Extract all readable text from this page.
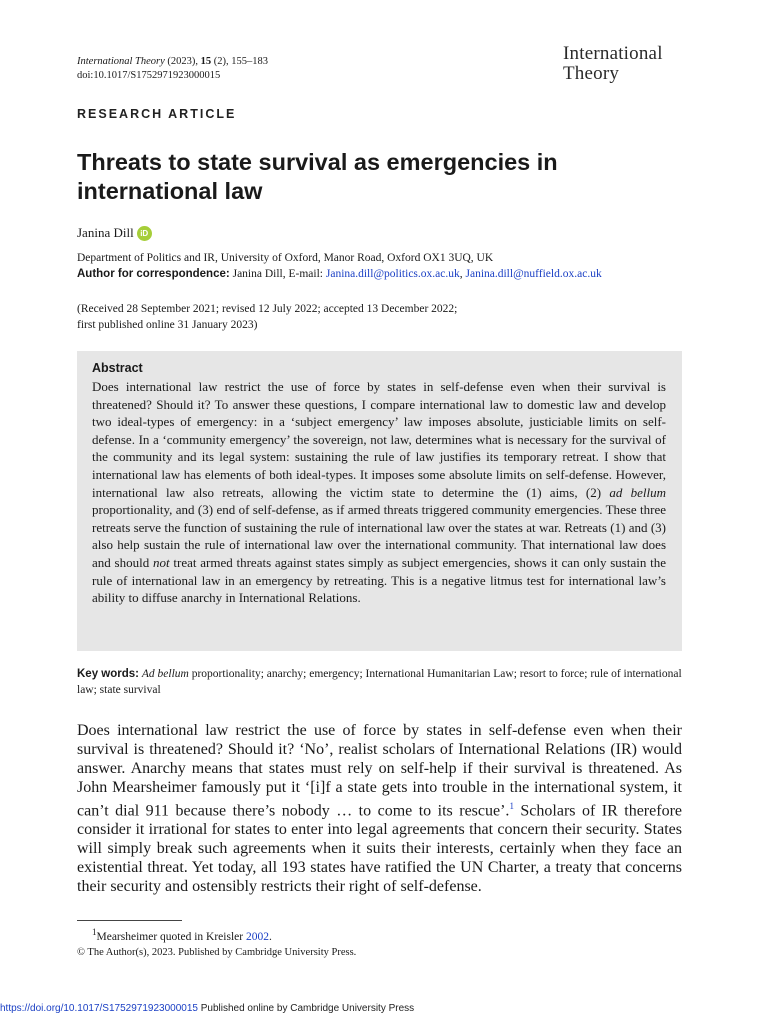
International Theory (2023), 15 (2), 155–183
doi:10.1017/S1752971923000015
International
Theory
RESEARCH ARTICLE
Threats to state survival as emergencies in international law
Janina Dill iD
Department of Politics and IR, University of Oxford, Manor Road, Oxford OX1 3UQ, UK
Author for correspondence: Janina Dill, E-mail: Janina.dill@politics.ox.ac.uk, Janina.dill@nuffield.ox.ac.uk
(Received 28 September 2021; revised 12 July 2022; accepted 13 December 2022;
first published online 31 January 2023)
Abstract

Does international law restrict the use of force by states in self-defense even when their survival is threatened? Should it? To answer these questions, I compare international law to domestic law and develop two ideal-types of emergency: in a ‘subject emergency’ law imposes absolute, justiciable limits on self-defense. In a ‘community emergency’ the sovereign, not law, determines what is necessary for the survival of the community and its legal system: sustaining the rule of law justifies its temporary retreat. I show that international law has elements of both ideal-types. It imposes some absolute limits on self-defense. However, international law also retreats, allowing the victim state to determine the (1) aims, (2) ad bellum proportionality, and (3) end of self-defense, as if armed threats triggered community emergencies. These three retreats serve the function of sustaining the rule of international law over the states at war. Retreats (1) and (3) also help sustain the rule of international law over the international community. That international law does and should not treat armed threats against states simply as subject emergencies, shows it can only sustain the rule of international law in an emergency by retreating. This is a negative litmus test for international law’s ability to diffuse anarchy in International Relations.

Key words: Ad bellum proportionality; anarchy; emergency; International Humanitarian Law; resort to force; rule of international law; state survival

Does international law restrict the use of force by states in self-defense even when their survival is threatened? Should it? ‘No’, realist scholars of International Relations (IR) would answer. Anarchy means that states must rely on self-help if their survival is threatened. As John Mearsheimer famously put it ‘[i]f a state gets into trouble in the international system, it can’t dial 911 because there’s nobody … to come to its rescue’.$^1$ Scholars of IR therefore consider it irrational for states to enter into legal agreements that concern their security. States will simply break such agreements when it suits their interests, certainly when they face an existential threat. Yet today, all 193 states have ratified the UN Charter, a treaty that concerns their security and ostensibly restricts their right of self-defense.

$^1$Mearsheimer quoted in Kreisler 2002.
© The Author(s), 2023. Published by Cambridge University Press.
https://doi.org/10.1017/S1752971923000015 Published online by Cambridge University Press
